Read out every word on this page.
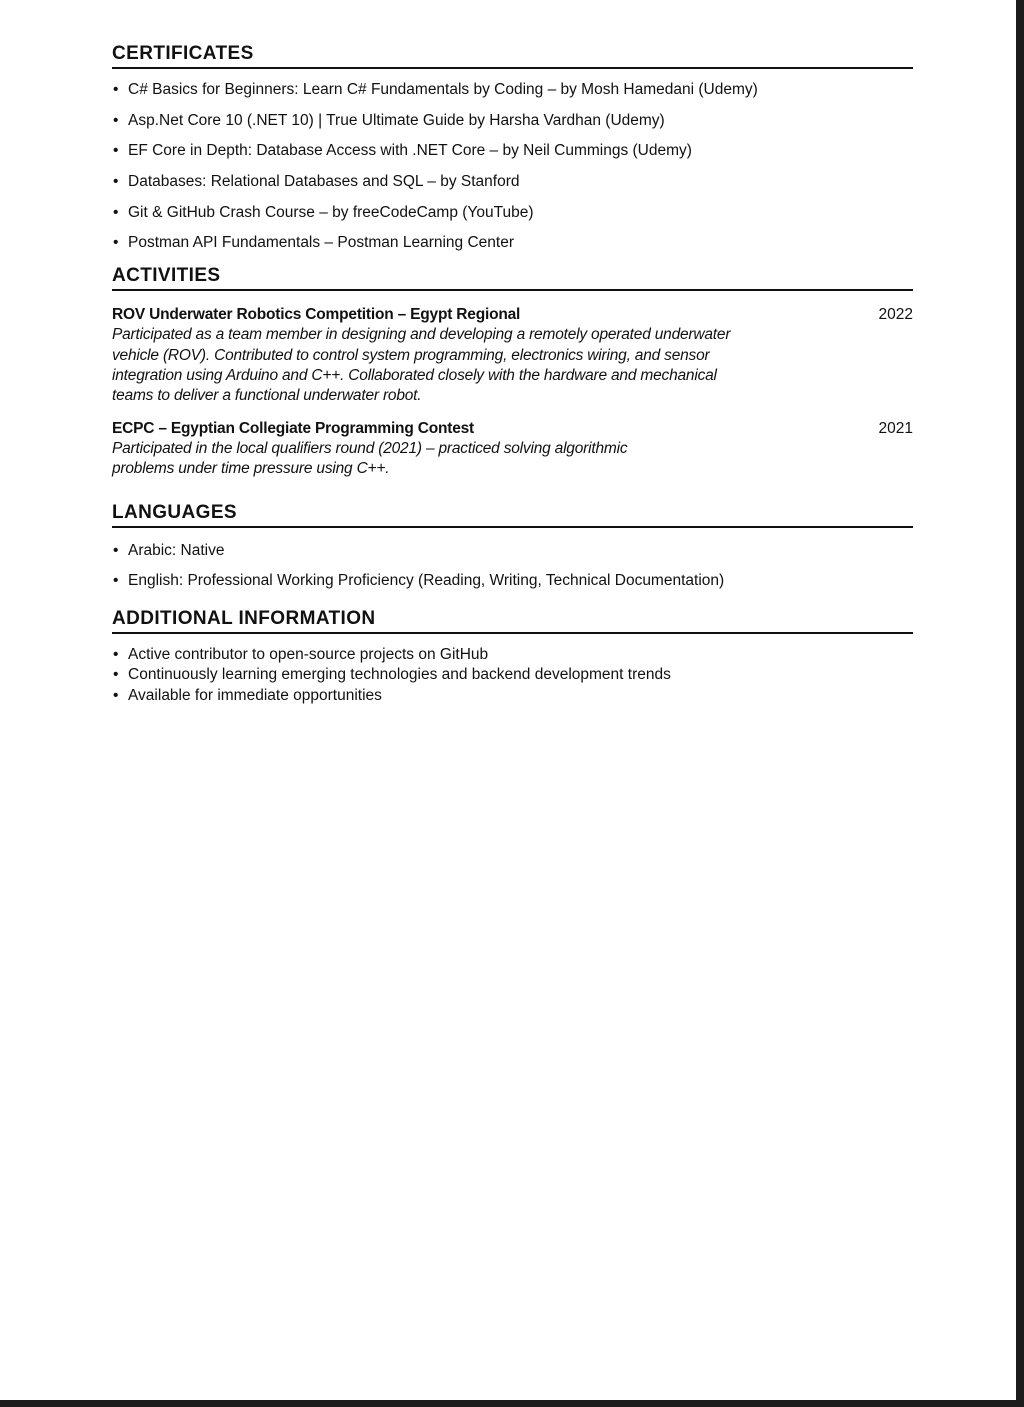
CERTIFICATES
• C# Basics for Beginners: Learn C# Fundamentals by Coding – by Mosh Hamedani (Udemy)
• Asp.Net Core 10 (.NET 10) | True Ultimate Guide by Harsha Vardhan (Udemy)
• EF Core in Depth: Database Access with .NET Core – by Neil Cummings (Udemy)
• Databases: Relational Databases and SQL – by Stanford
• Git & GitHub Crash Course – by freeCodeCamp (YouTube)
• Postman API Fundamentals – Postman Learning Center
ACTIVITIES
ROV Underwater Robotics Competition – Egypt Regional	2022
Participated as a team member in designing and developing a remotely operated underwater vehicle (ROV). Contributed to control system programming, electronics wiring, and sensor integration using Arduino and C++. Collaborated closely with the hardware and mechanical teams to deliver a functional underwater robot.
ECPC – Egyptian Collegiate Programming Contest	2021
Participated in the local qualifiers round (2021) – practiced solving algorithmic problems under time pressure using C++.
LANGUAGES
• Arabic: Native
• English: Professional Working Proficiency (Reading, Writing, Technical Documentation)
ADDITIONAL INFORMATION
• Active contributor to open-source projects on GitHub
• Continuously learning emerging technologies and backend development trends
• Available for immediate opportunities
